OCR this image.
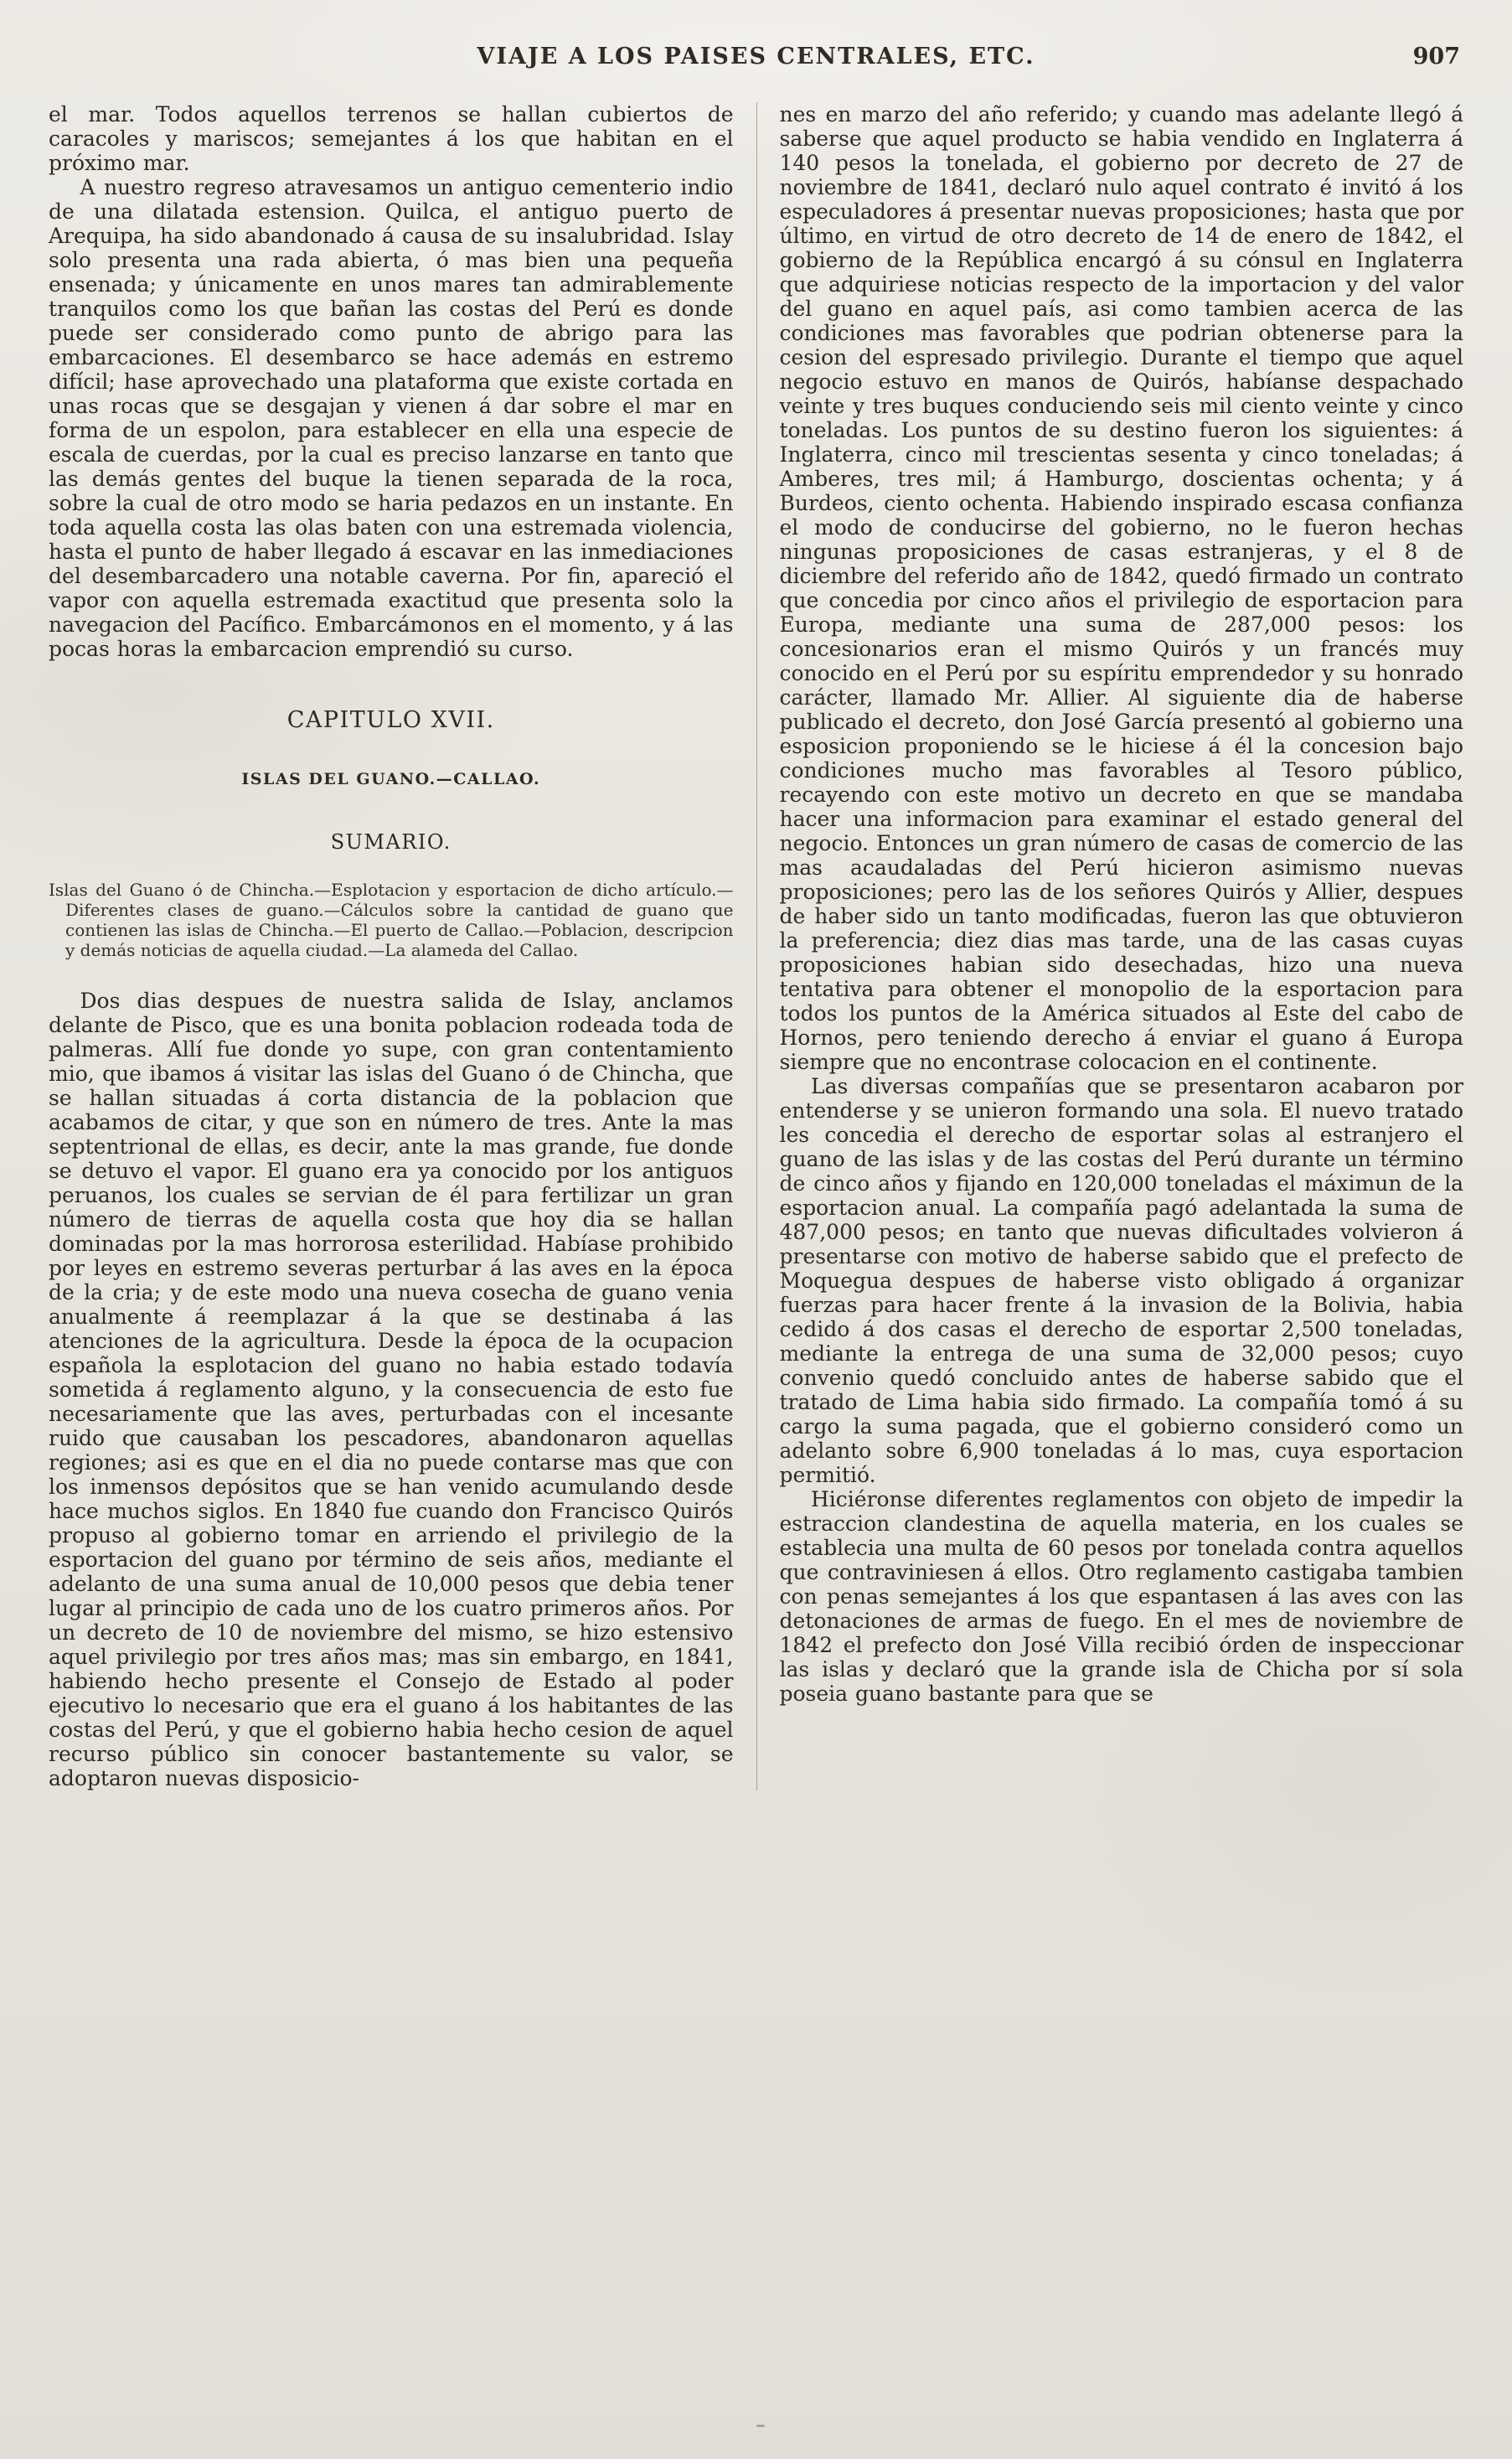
VIAJE A LOS PAISES CENTRALES, ETC.	907

el mar. Todos aquellos terrenos se hallan cubiertos de caracoles y mariscos; semejantes á los que habitan en el próximo mar.

A nuestro regreso atravesamos un antiguo cementerio indio de una dilatada estension. Quilca, el antiguo puerto de Arequipa, ha sido abandonado á causa de su insalubridad. Islay solo presenta una rada abierta, ó mas bien una pequeña ensenada; y únicamente en unos mares tan admirablemente tranquilos como los que bañan las costas del Perú es donde puede ser considerado como punto de abrigo para las embarcaciones. El desembarco se hace además en estremo difícil; hase aprovechado una plataforma que existe cortada en unas rocas que se desgajan y vienen á dar sobre el mar en forma de un espolon, para establecer en ella una especie de escala de cuerdas, por la cual es preciso lanzarse en tanto que las demás gentes del buque la tienen separada de la roca, sobre la cual de otro modo se haria pedazos en un instante. En toda aquella costa las olas baten con una estremada violencia, hasta el punto de haber llegado á escavar en las inmediaciones del desembarcadero una notable caverna. Por fin, apareció el vapor con aquella estremada exactitud que presenta solo la navegacion del Pacífico. Embarcámonos en el momento, y á las pocas horas la embarcacion emprendió su curso.

CAPITULO XVII.
ISLAS DEL GUANO.—CALLAO.
SUMARIO.

Islas del Guano ó de Chincha.—Esplotacion y esportacion de dicho artículo.—Diferentes clases de guano.—Cálculos sobre la cantidad de guano que contienen las islas de Chincha.—El puerto de Callao.—Poblacion, descripcion y demás noticias de aquella ciudad.—La alameda del Callao.

Dos dias despues de nuestra salida de Islay, anclamos delante de Pisco, que es una bonita poblacion rodeada toda de palmeras. Allí fue donde yo supe, con gran contentamiento mio, que ibamos á visitar las islas del Guano ó de Chincha, que se hallan situadas á corta distancia de la poblacion que acabamos de citar, y que son en número de tres. Ante la mas septentrional de ellas, es decir, ante la mas grande, fue donde se detuvo el vapor. El guano era ya conocido por los antiguos peruanos, los cuales se servian de él para fertilizar un gran número de tierras de aquella costa que hoy dia se hallan dominadas por la mas horrorosa esterilidad. Habíase prohibido por leyes en estremo severas perturbar á las aves en la época de la cria; y de este modo una nueva cosecha de guano venia anualmente á reemplazar á la que se destinaba á las atenciones de la agricultura. Desde la época de la ocupacion española la esplotacion del guano no habia estado todavía sometida á reglamento alguno, y la consecuencia de esto fue necesariamente que las aves, perturbadas con el incesante ruido que causaban los pescadores, abandonaron aquellas regiones; asi es que en el dia no puede contarse mas que con los inmensos depósitos que se han venido acumulando desde hace muchos siglos. En 1840 fue cuando don Francisco Quirós propuso al gobierno tomar en arriendo el privilegio de la esportacion del guano por término de seis años, mediante el adelanto de una suma anual de 10,000 pesos que debia tener lugar al principio de cada uno de los cuatro primeros años. Por un decreto de 10 de noviembre del mismo, se hizo estensivo aquel privilegio por tres años mas; mas sin embargo, en 1841, habiendo hecho presente el Consejo de Estado al poder ejecutivo lo necesario que era el guano á los habitantes de las costas del Perú, y que el gobierno habia hecho cesion de aquel recurso público sin conocer bastantemente su valor, se adoptaron nuevas disposicio-

nes en marzo del año referido; y cuando mas adelante llegó á saberse que aquel producto se habia vendido en Inglaterra á 140 pesos la tonelada, el gobierno por decreto de 27 de noviembre de 1841, declaró nulo aquel contrato é invitó á los especuladores á presentar nuevas proposiciones; hasta que por último, en virtud de otro decreto de 14 de enero de 1842, el gobierno de la República encargó á su cónsul en Inglaterra que adquiriese noticias respecto de la importacion y del valor del guano en aquel país, asi como tambien acerca de las condiciones mas favorables que podrian obtenerse para la cesion del espresado privilegio. Durante el tiempo que aquel negocio estuvo en manos de Quirós, habíanse despachado veinte y tres buques conduciendo seis mil ciento veinte y cinco toneladas. Los puntos de su destino fueron los siguientes: á Inglaterra, cinco mil trescientas sesenta y cinco toneladas; á Amberes, tres mil; á Hamburgo, doscientas ochenta; y á Burdeos, ciento ochenta. Habiendo inspirado escasa confianza el modo de conducirse del gobierno, no le fueron hechas ningunas proposiciones de casas estranjeras, y el 8 de diciembre del referido año de 1842, quedó firmado un contrato que concedia por cinco años el privilegio de esportacion para Europa, mediante una suma de 287,000 pesos: los concesionarios eran el mismo Quirós y un francés muy conocido en el Perú por su espíritu emprendedor y su honrado carácter, llamado Mr. Allier. Al siguiente dia de haberse publicado el decreto, don José García presentó al gobierno una esposicion proponiendo se le hiciese á él la concesion bajo condiciones mucho mas favorables al Tesoro público, recayendo con este motivo un decreto en que se mandaba hacer una informacion para examinar el estado general del negocio. Entonces un gran número de casas de comercio de las mas acaudaladas del Perú hicieron asimismo nuevas proposiciones; pero las de los señores Quirós y Allier, despues de haber sido un tanto modificadas, fueron las que obtuvieron la preferencia; diez dias mas tarde, una de las casas cuyas proposiciones habian sido desechadas, hizo una nueva tentativa para obtener el monopolio de la esportacion para todos los puntos de la América situados al Este del cabo de Hornos, pero teniendo derecho á enviar el guano á Europa siempre que no encontrase colocacion en el continente.

Las diversas compañías que se presentaron acabaron por entenderse y se unieron formando una sola. El nuevo tratado les concedia el derecho de esportar solas al estranjero el guano de las islas y de las costas del Perú durante un término de cinco años y fijando en 120,000 toneladas el máximun de la esportacion anual. La compañía pagó adelantada la suma de 487,000 pesos; en tanto que nuevas dificultades volvieron á presentarse con motivo de haberse sabido que el prefecto de Moquegua despues de haberse visto obligado á organizar fuerzas para hacer frente á la invasion de la Bolivia, habia cedido á dos casas el derecho de esportar 2,500 toneladas, mediante la entrega de una suma de 32,000 pesos; cuyo convenio quedó concluido antes de haberse sabido que el tratado de Lima habia sido firmado. La compañía tomó á su cargo la suma pagada, que el gobierno consideró como un adelanto sobre 6,900 toneladas á lo mas, cuya esportacion permitió.

Hiciéronse diferentes reglamentos con objeto de impedir la estraccion clandestina de aquella materia, en los cuales se establecia una multa de 60 pesos por tonelada contra aquellos que contraviniesen á ellos. Otro reglamento castigaba tambien con penas semejantes á los que espantasen á las aves con las detonaciones de armas de fuego. En el mes de noviembre de 1842 el prefecto don José Villa recibió órden de inspeccionar las islas y declaró que la grande isla de Chicha por sí sola poseia guano bastante para que se
